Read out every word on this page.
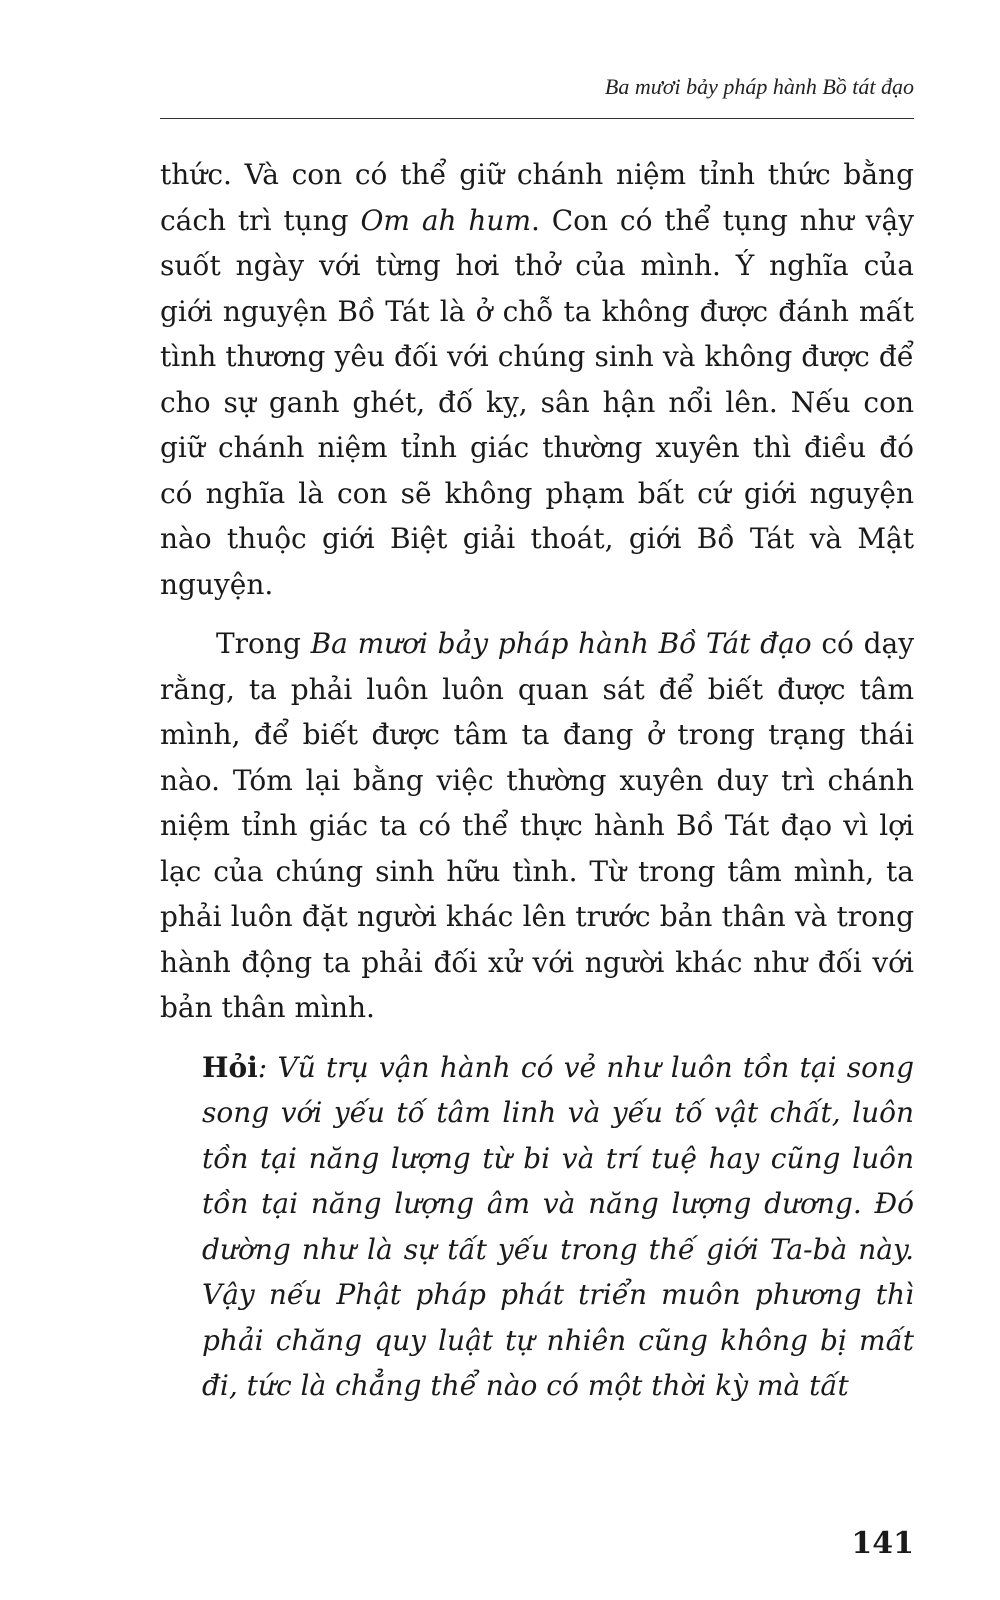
Ba mươi bảy pháp hành Bồ tát đạo

thức. Và con có thể giữ chánh niệm tỉnh thức bằng cách trì tụng Om ah hum. Con có thể tụng như vậy suốt ngày với từng hơi thở của mình. Ý nghĩa của giới nguyện Bồ Tát là ở chỗ ta không được đánh mất tình thương yêu đối với chúng sinh và không được để cho sự ganh ghét, đố kỵ, sân hận nổi lên. Nếu con giữ chánh niệm tỉnh giác thường xuyên thì điều đó có nghĩa là con sẽ không phạm bất cứ giới nguyện nào thuộc giới Biệt giải thoát, giới Bồ Tát và Mật nguyện.

Trong Ba mươi bảy pháp hành Bồ Tát đạo có dạy rằng, ta phải luôn luôn quan sát để biết được tâm mình, để biết được tâm ta đang ở trong trạng thái nào. Tóm lại bằng việc thường xuyên duy trì chánh niệm tỉnh giác ta có thể thực hành Bồ Tát đạo vì lợi lạc của chúng sinh hữu tình. Từ trong tâm mình, ta phải luôn đặt người khác lên trước bản thân và trong hành động ta phải đối xử với người khác như đối với bản thân mình.

Hỏi: Vũ trụ vận hành có vẻ như luôn tồn tại song song với yếu tố tâm linh và yếu tố vật chất, luôn tồn tại năng lượng từ bi và trí tuệ hay cũng luôn tồn tại năng lượng âm và năng lượng dương. Đó dường như là sự tất yếu trong thế giới Ta-bà này. Vậy nếu Phật pháp phát triển muôn phương thì phải chăng quy luật tự nhiên cũng không bị mất đi, tức là chẳng thể nào có một thời kỳ mà tất

141
